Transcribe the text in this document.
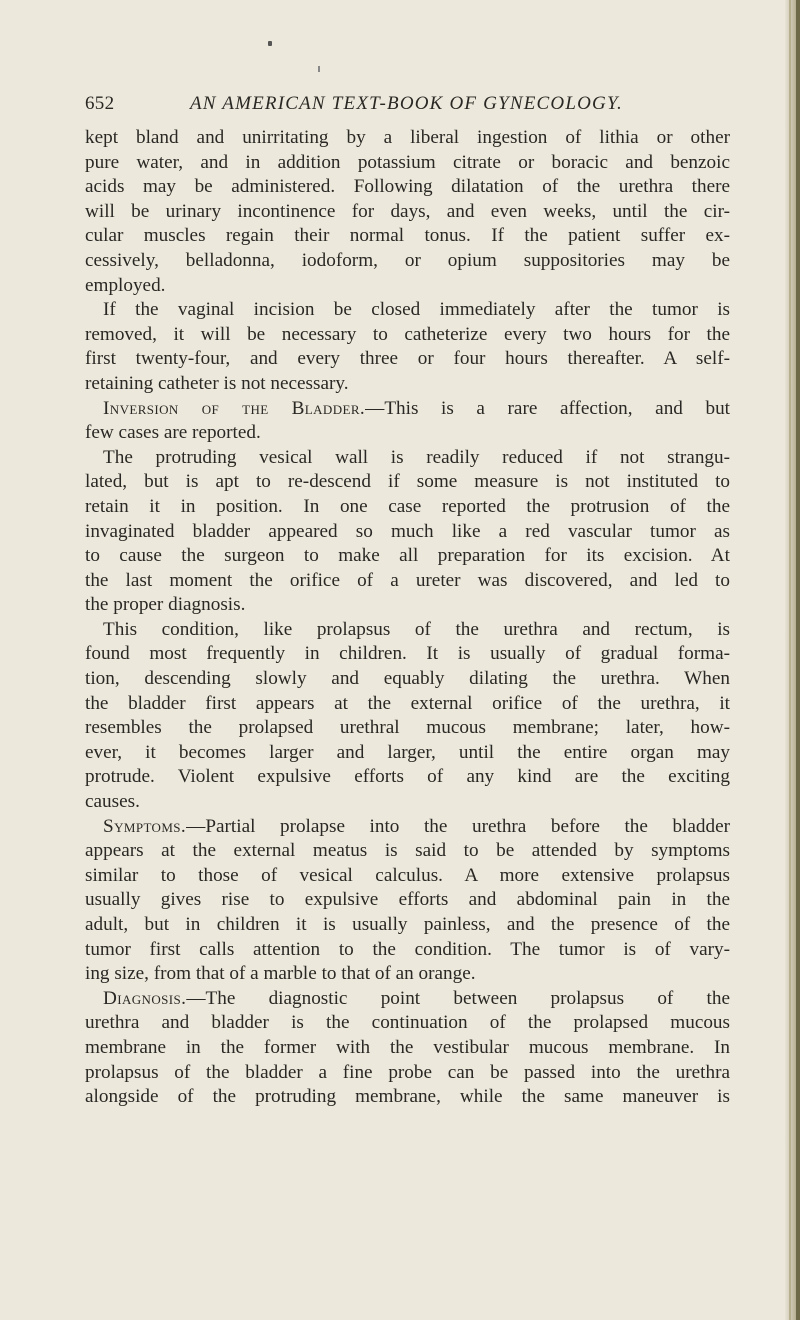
652	AN AMERICAN TEXT-BOOK OF GYNECOLOGY.
kept bland and unirritating by a liberal ingestion of lithia or other
pure water, and in addition potassium citrate or boracic and benzoic
acids may be administered. Following dilatation of the urethra there
will be urinary incontinence for days, and even weeks, until the cir-
cular muscles regain their normal tonus. If the patient suffer ex-
cessively, belladonna, iodoform, or opium suppositories may be
employed.
If the vaginal incision be closed immediately after the tumor is
removed, it will be necessary to catheterize every two hours for the
first twenty-four, and every three or four hours thereafter. A self-
retaining catheter is not necessary.
Inversion of the Bladder.—This is a rare affection, and but
few cases are reported.
The protruding vesical wall is readily reduced if not strangu-
lated, but is apt to re-descend if some measure is not instituted to
retain it in position. In one case reported the protrusion of the
invaginated bladder appeared so much like a red vascular tumor as
to cause the surgeon to make all preparation for its excision. At
the last moment the orifice of a ureter was discovered, and led to
the proper diagnosis.
This condition, like prolapsus of the urethra and rectum, is
found most frequently in children. It is usually of gradual forma-
tion, descending slowly and equably dilating the urethra. When
the bladder first appears at the external orifice of the urethra, it
resembles the prolapsed urethral mucous membrane; later, how-
ever, it becomes larger and larger, until the entire organ may
protrude. Violent expulsive efforts of any kind are the exciting
causes.
Symptoms.—Partial prolapse into the urethra before the bladder
appears at the external meatus is said to be attended by symptoms
similar to those of vesical calculus. A more extensive prolapsus
usually gives rise to expulsive efforts and abdominal pain in the
adult, but in children it is usually painless, and the presence of the
tumor first calls attention to the condition. The tumor is of vary-
ing size, from that of a marble to that of an orange.
Diagnosis.—The diagnostic point between prolapsus of the
urethra and bladder is the continuation of the prolapsed mucous
membrane in the former with the vestibular mucous membrane. In
prolapsus of the bladder a fine probe can be passed into the urethra
alongside of the protruding membrane, while the same maneuver is
